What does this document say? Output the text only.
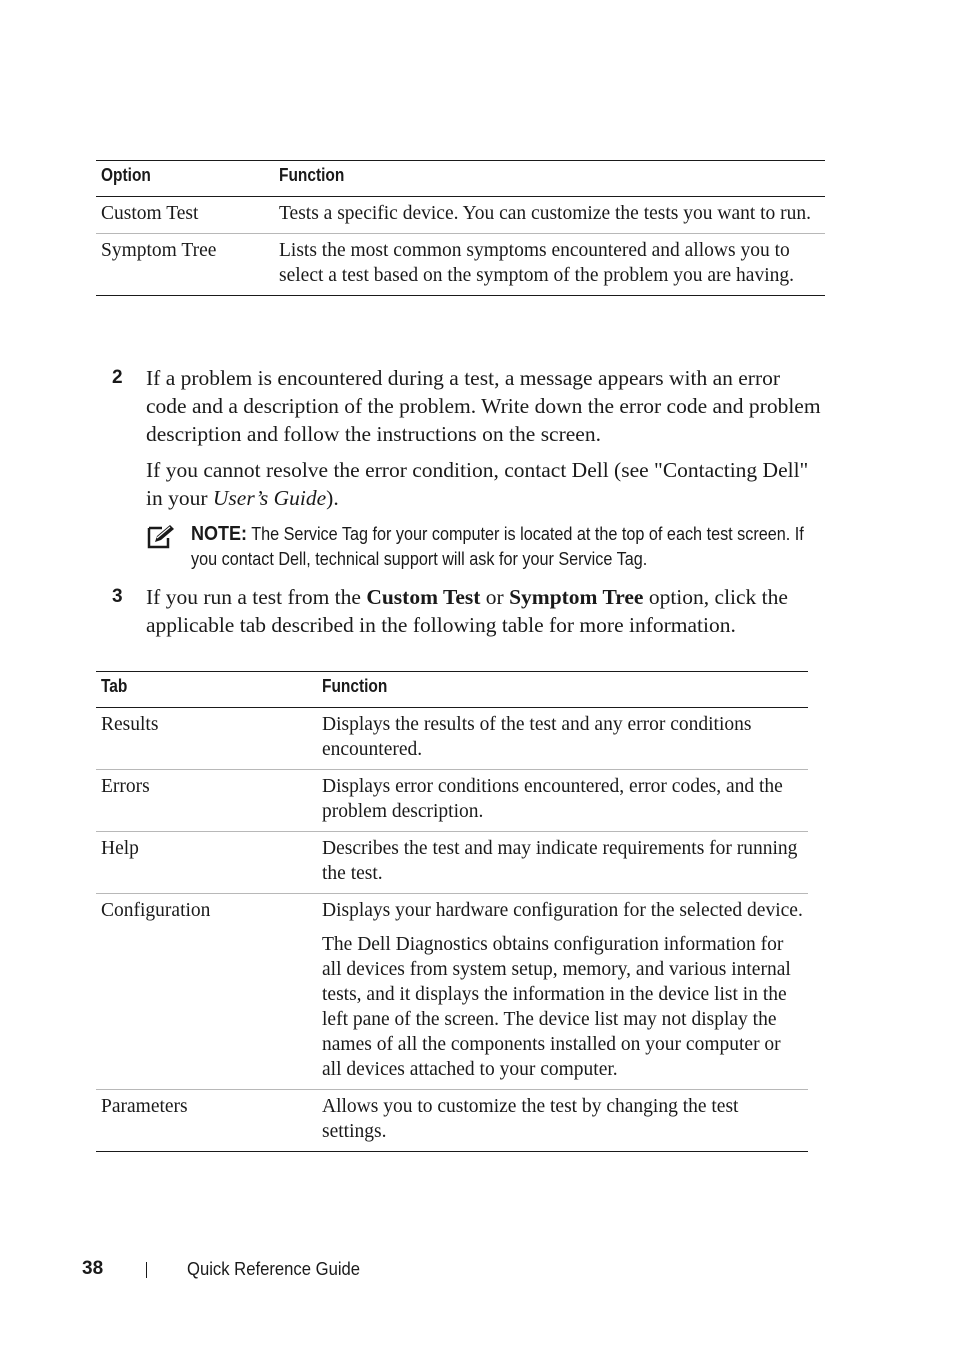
Option	Function
Custom Test	Tests a specific device. You can customize the tests you want to run.
Symptom Tree	Lists the most common symptoms encountered and allows you to select a test based on the symptom of the problem you are having.
2 If a problem is encountered during a test, a message appears with an error code and a description of the problem. Write down the error code and problem description and follow the instructions on the screen.

If you cannot resolve the error condition, contact Dell (see "Contacting Dell" in your User’s Guide).

NOTE: The Service Tag for your computer is located at the top of each test screen. If you contact Dell, technical support will ask for your Service Tag.
3 If you run a test from the Custom Test or Symptom Tree option, click the applicable tab described in the following table for more information.

Tab	Function
Results	Displays the results of the test and any error conditions encountered.

Errors	Displays error conditions encountered, error codes, and the problem description.

Help	Describes the test and may indicate requirements for running the test.

Configuration	Displays your hardware configuration for the selected device.

The Dell Diagnostics obtains configuration information for all devices from system setup, memory, and various internal tests, and it displays the information in the device list in the left pane of the screen. The device list may not display the names of all the components installed on your computer or all devices attached to your computer.

Parameters	Allows you to customize the test by changing the test settings.

38	Quick Reference Guide
